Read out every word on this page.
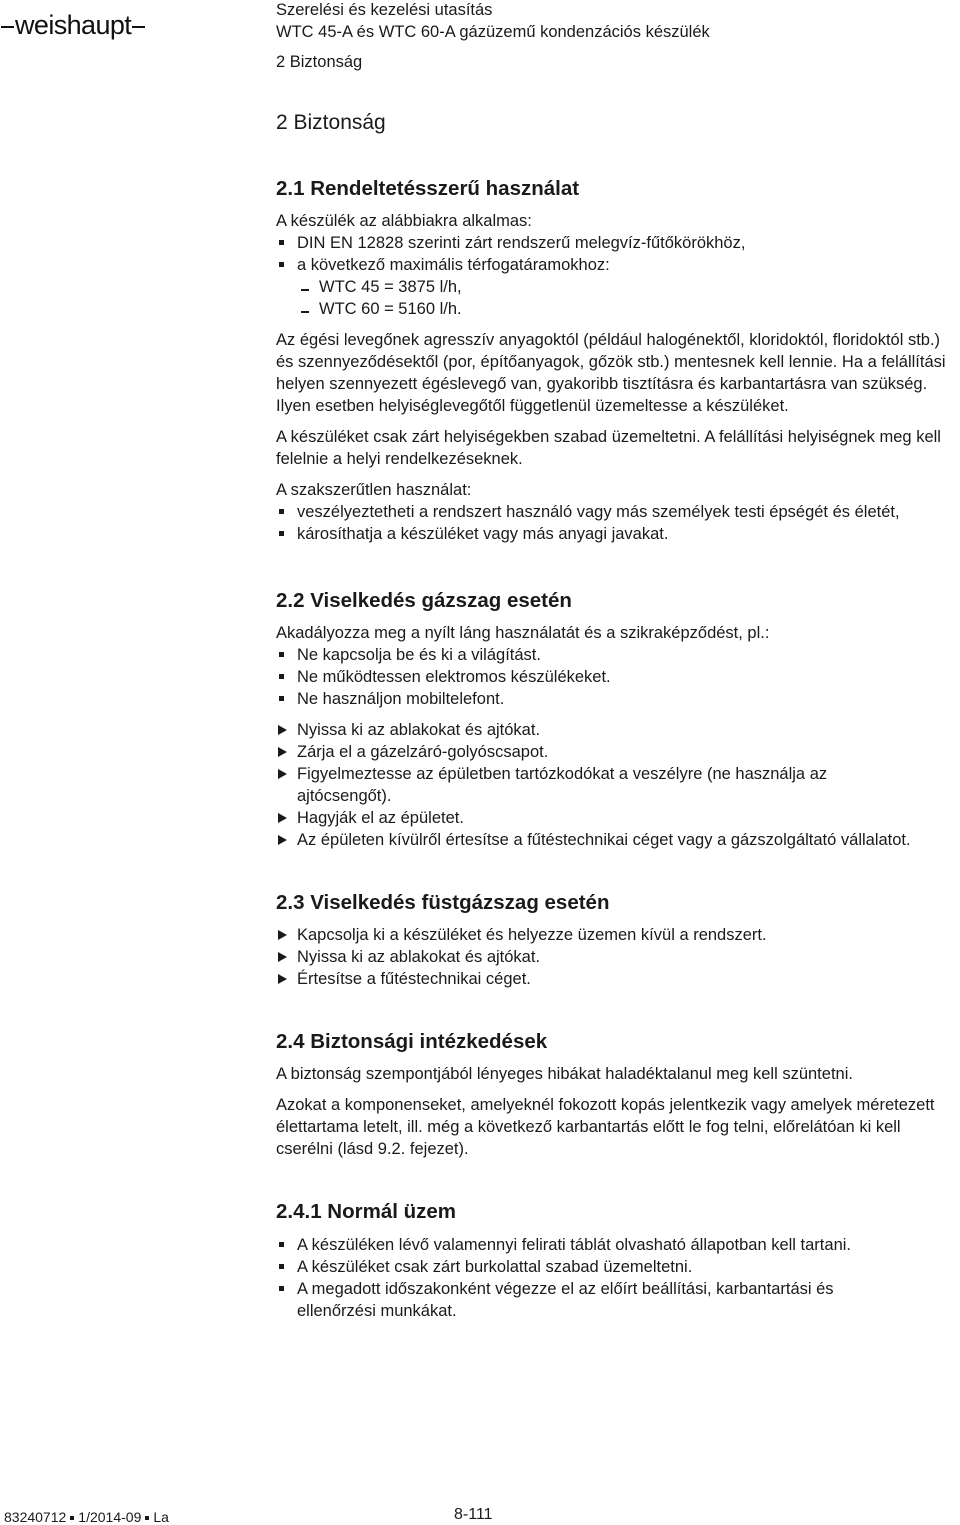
weishaupt	Szerelési és kezelési utasítás
WTC 45-A és WTC 60-A gázüzemű kondenzációs készülék
2 Biztonság
2 Biztonság
2.1 Rendeltetésszerű használat

A készülék az alábbiakra alkalmas:

DIN EN 12828 szerinti zárt rendszerű melegvíz-fűtőkörökhöz,
a következő maximális térfogatáramokhoz:
WTC 45 = 3875 l/h,
WTC 60 = 5160 l/h.

Az égési levegőnek agresszív anyagoktól (például halogénektől, kloridoktól, floridoktól stb.) és szennyeződésektől (por, építőanyagok, gőzök stb.) mentesnek kell lennie. Ha a felállítási helyen szennyezett égéslevegő van, gyakoribb tisztításra és karbantartásra van szükség. Ilyen esetben helyiséglevegőtől függetlenül üzemeltesse a készüléket.

A készüléket csak zárt helyiségekben szabad üzemeltetni. A felállítási helyiségnek meg kell felelnie a helyi rendelkezéseknek.

A szakszerűtlen használat:

veszélyeztetheti a rendszert használó vagy más személyek testi épségét és életét,
károsíthatja a készüléket vagy más anyagi javakat.
2.2 Viselkedés gázszag esetén

Akadályozza meg a nyílt láng használatát és a szikraképződést, pl.:

Ne kapcsolja be és ki a világítást.
Ne működtessen elektromos készülékeket.
Ne használjon mobiltelefont.
Nyissa ki az ablakokat és ajtókat.
Zárja el a gázelzáró-golyóscsapot.
Figyelmeztesse az épületben tartózkodókat a veszélyre (ne használja az ajtócsengőt).
Hagyják el az épületet.
Az épületen kívülről értesítse a fűtéstechnikai céget vagy a gázszolgáltató vállalatot.
2.3 Viselkedés füstgázszag esetén
Kapcsolja ki a készüléket és helyezze üzemen kívül a rendszert.
Nyissa ki az ablakokat és ajtókat.
Értesítse a fűtéstechnikai céget.
2.4 Biztonsági intézkedések

A biztonság szempontjából lényeges hibákat haladéktalanul meg kell szüntetni.

Azokat a komponenseket, amelyeknél fokozott kopás jelentkezik vagy amelyek méretezett élettartama letelt, ill. még a következő karbantartás előtt le fog telni, előrelátóan ki kell cserélni (lásd 9.2. fejezet).

2.4.1 Normál üzem
A készüléken lévő valamennyi felirati táblát olvasható állapotban kell tartani.
A készüléket csak zárt burkolattal szabad üzemeltetni.
A megadott időszakonként végezze el az előírt beállítási, karbantartási és ellenőrzési munkákat.
83240712 1/2014-09 La	8-111
